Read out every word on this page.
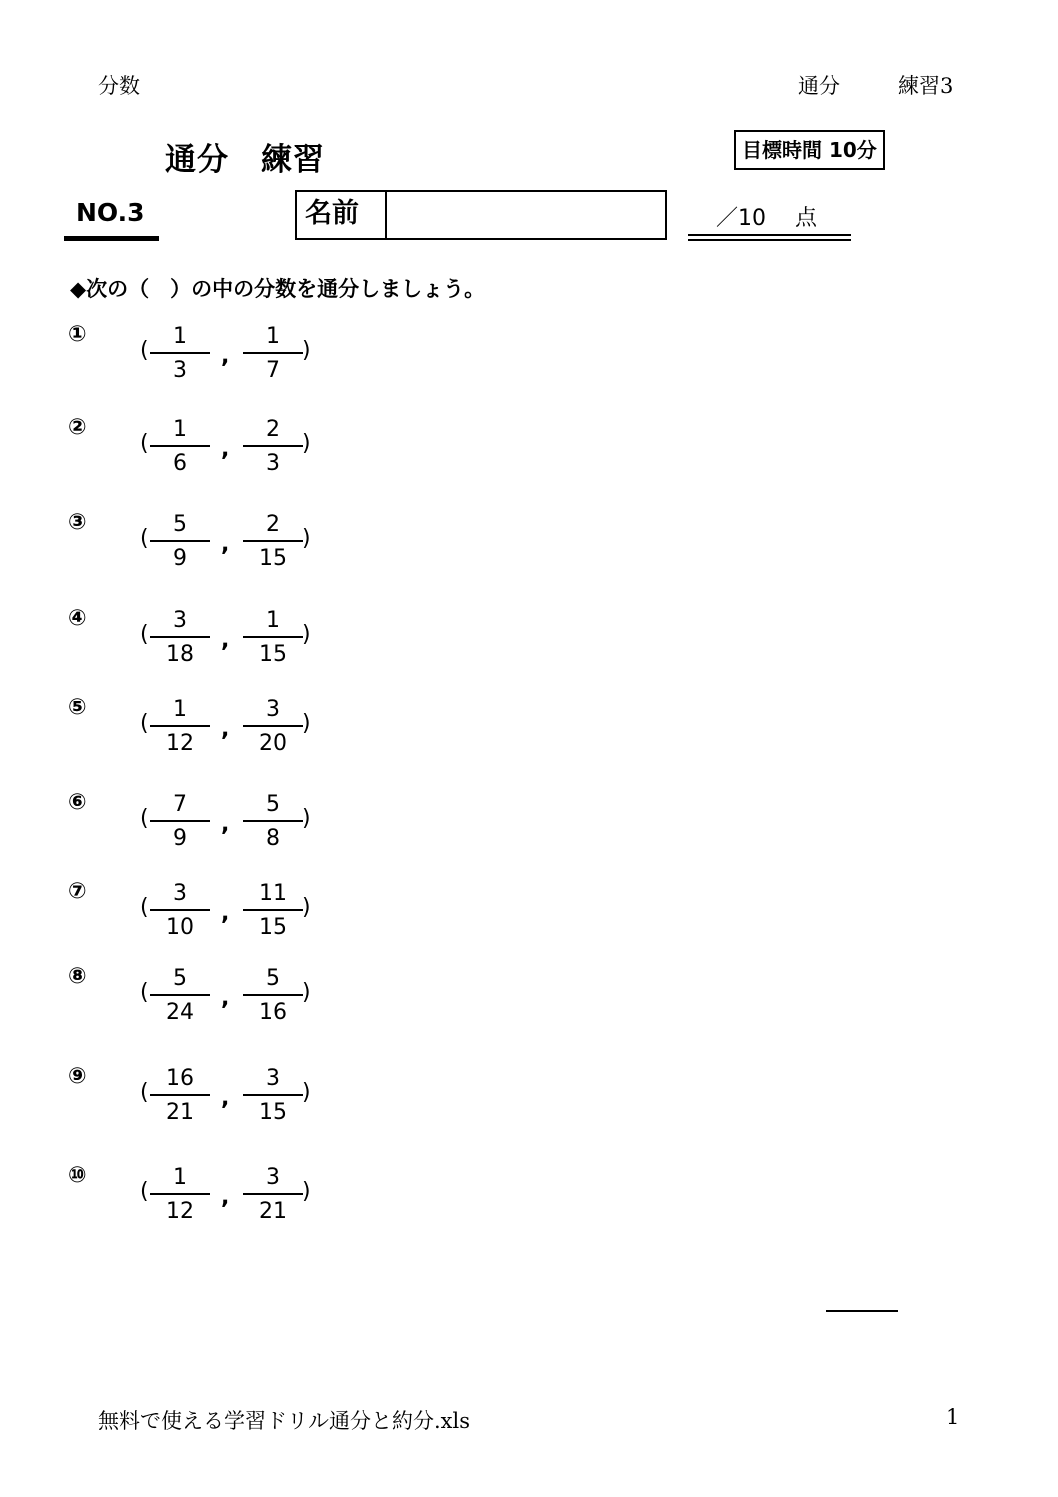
分数	通分	練習3
通分　練習	目標時間 10分
NO.3	名前	／10　 点
◆次の（　）の中の分数を通分しましょう。
①
(
1
3
,
1
7
)
②
(
1
6
,
2
3
)
③
(
5
9
,
2
15
)
④
(
3
18
,
1
15
)
⑤
(
1
12
,
3
20
)
⑥
(
7
9
,
5
8
)
⑦
(
3
10
,
11
15
)
⑧
(
5
24
,
5
16
)
⑨
(
16
21
,
3
15
)
⑩
(
1
12
,
3
21
)
無料で使える学習ドリル通分と約分.xls	1
